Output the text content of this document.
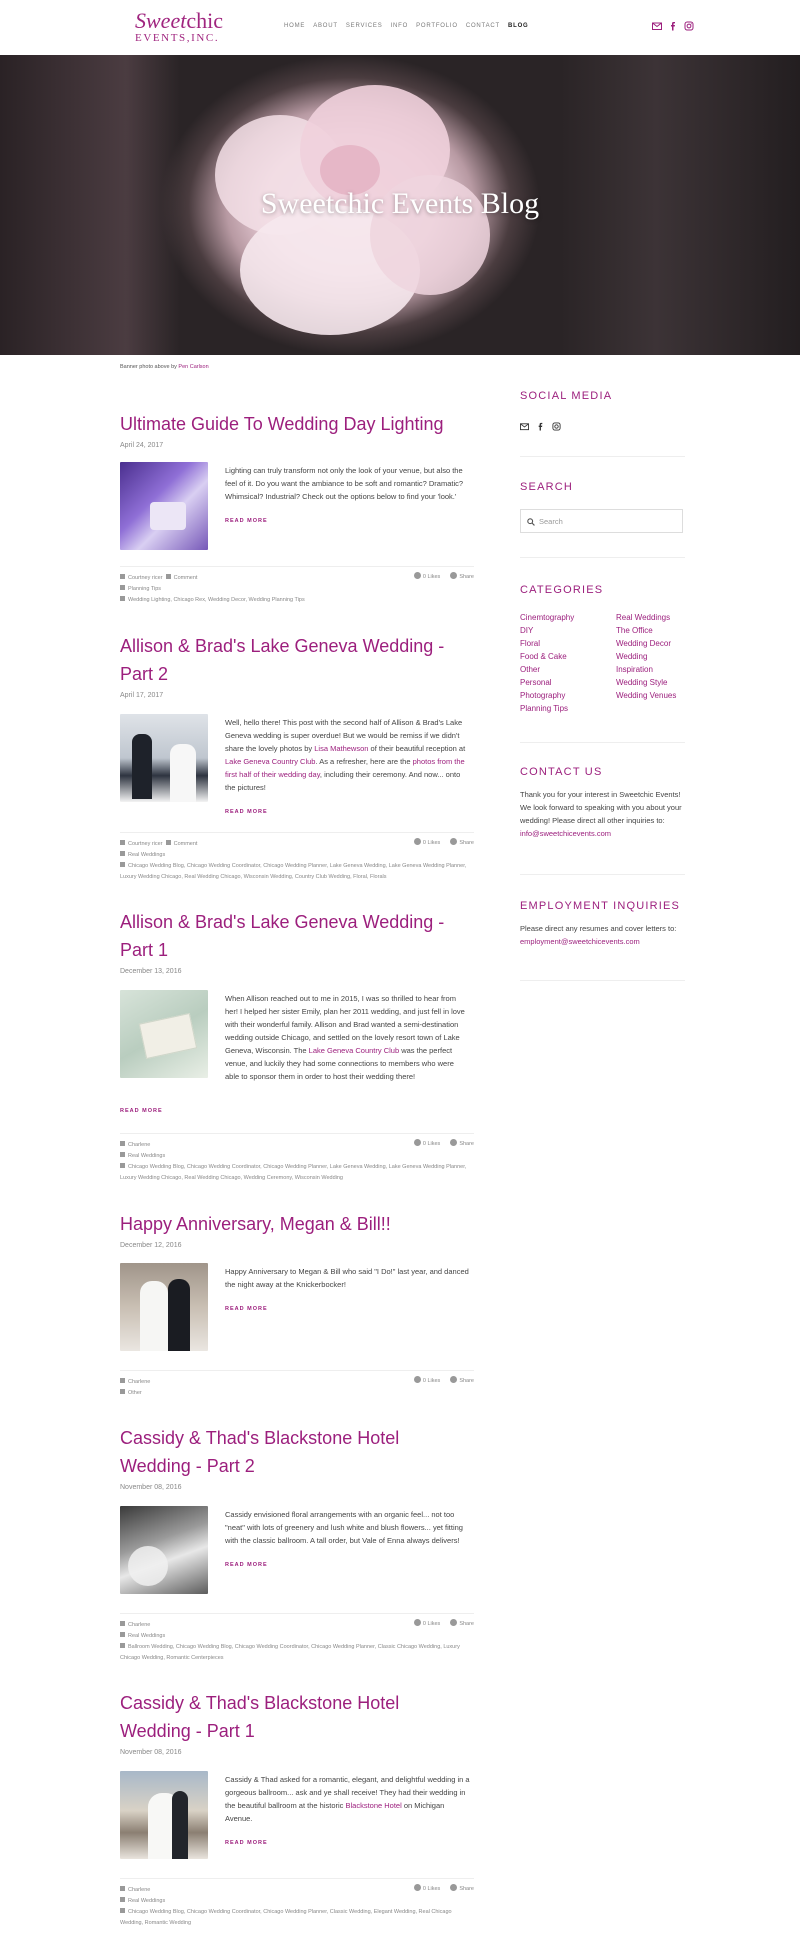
Sweetchic
EVENTS,INC.
HOME ABOUT SERVICES INFO PORTFOLIO CONTACT BLOG
Sweetchic Events Blog
Banner photo above by Pen Carlson
Ultimate Guide To Wedding Day Lighting
April 24, 2017
Lighting can truly transform not only the look of your venue, but also the feel of it. Do you want the ambiance to be soft and romantic? Dramatic? Whimsical? Industrial? Check out the options below to find your 'look.'
READ MORE
Courtney ricer Comment
Planning Tips
Wedding Lighting, Chicago Rex, Wedding Decor, Wedding Planning Tips
0 Likes	Share
Allison & Brad's Lake Geneva Wedding - Part 2
April 17, 2017
Well, hello there! This post with the second half of Allison & Brad's Lake Geneva wedding is super overdue! But we would be remiss if we didn't share the lovely photos by Lisa Mathewson of their beautiful reception at Lake Geneva Country Club. As a refresher, here are the photos from the first half of their wedding day, including their ceremony. And now... onto the pictures!
READ MORE
Courtney ricer Comment
Real Weddings
Chicago Wedding Blog, Chicago Wedding Coordinator, Chicago Wedding Planner, Lake Geneva Wedding, Lake Geneva Wedding Planner, Luxury Wedding Chicago, Real Wedding Chicago, Wisconsin Wedding, Country Club Wedding, Floral, Florals
0 Likes	Share
Allison & Brad's Lake Geneva Wedding - Part 1
December 13, 2016
When Allison reached out to me in 2015, I was so thrilled to hear from her! I helped her sister Emily, plan her 2011 wedding, and just fell in love with their wonderful family. Allison and Brad wanted a semi-destination wedding outside Chicago, and settled on the lovely resort town of Lake Geneva, Wisconsin. The Lake Geneva Country Club was the perfect venue, and luckily they had some connections to members who were able to sponsor them in order to host their wedding there!
READ MORE
Charlene
Real Weddings
Chicago Wedding Blog, Chicago Wedding Coordinator, Chicago Wedding Planner, Lake Geneva Wedding, Lake Geneva Wedding Planner, Luxury Wedding Chicago, Real Wedding Chicago, Wedding Ceremony, Wisconsin Wedding
0 Likes	Share
Happy Anniversary, Megan & Bill!!
December 12, 2016
Happy Anniversary to Megan & Bill who said "I Do!" last year, and danced the night away at the Knickerbocker!
READ MORE
Charlene
Other
0 Likes	Share
Cassidy & Thad's Blackstone Hotel Wedding - Part 2
November 08, 2016
Cassidy envisioned floral arrangements with an organic feel... not too "neat" with lots of greenery and lush white and blush flowers... yet fitting with the classic ballroom. A tall order, but Vale of Enna always delivers!
READ MORE
Charlene
Real Weddings
Ballroom Wedding, Chicago Wedding Blog, Chicago Wedding Coordinator, Chicago Wedding Planner, Classic Chicago Wedding, Luxury Chicago Wedding, Romantic Centerpieces
0 Likes	Share
Cassidy & Thad's Blackstone Hotel Wedding - Part 1
November 08, 2016
Cassidy & Thad asked for a romantic, elegant, and delightful wedding in a gorgeous ballroom... ask and ye shall receive! They had their wedding in the beautiful ballroom at the historic Blackstone Hotel on Michigan Avenue.
READ MORE
Charlene
Real Weddings
Chicago Wedding Blog, Chicago Wedding Coordinator, Chicago Wedding Planner, Classic Wedding, Elegant Wedding, Real Chicago Wedding, Romantic Wedding
0 Likes	Share
SOCIAL MEDIA
SEARCH
Search
CATEGORIES
Cinemtography	Real Weddings
DIY	The Office
Floral	Wedding Decor
Food & Cake	Wedding
Other	Inspiration
Personal	Wedding Style
Photography	Wedding Venues
Planning Tips
CONTACT US
Thank you for your interest in Sweetchic Events! We look forward to speaking with you about your wedding! Please direct all other inquiries to:
info@sweetchicevents.com
EMPLOYMENT INQUIRIES
Please direct any resumes and cover letters to: employment@sweetchicevents.com
